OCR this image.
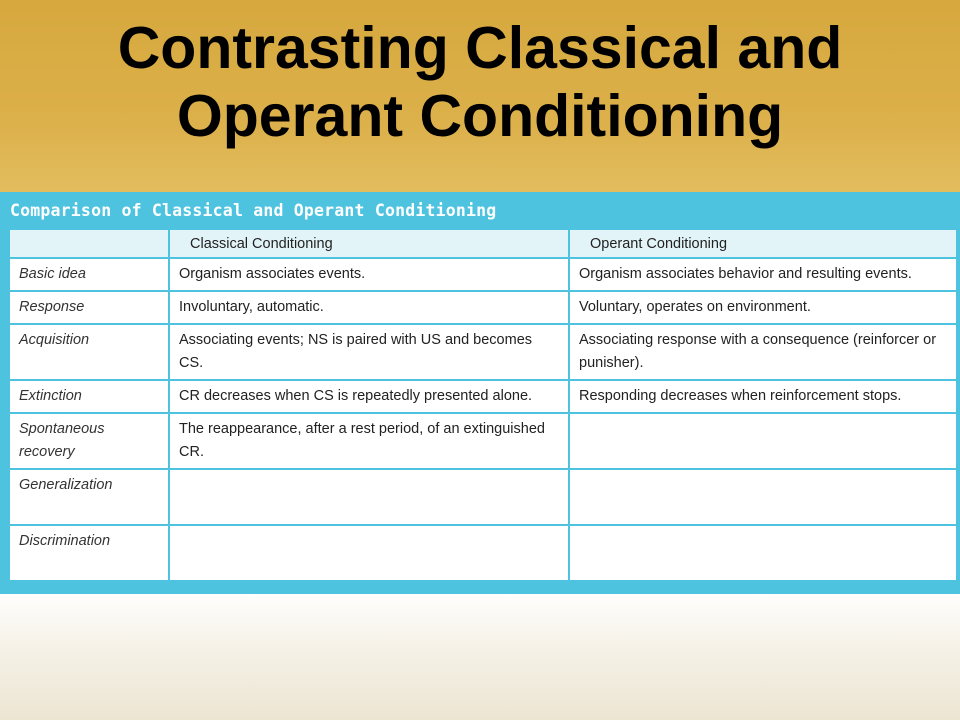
Contrasting Classical and
Operant Conditioning
Comparison of Classical and Operant Conditioning
	Classical Conditioning	Operant Conditioning
Basic idea	Organism associates events.	Organism associates behavior and resulting events.
Response	Involuntary, automatic.	Voluntary, operates on environment.
Acquisition	Associating events; NS is paired with US and becomes CS.	Associating response with a consequence (reinforcer or punisher).
Extinction	CR decreases when CS is repeatedly presented alone.	Responding decreases when reinforcement stops.
Spontaneous recovery	The reappearance, after a rest period, of an extinguished CR.	
Generalization		
Discrimination		
